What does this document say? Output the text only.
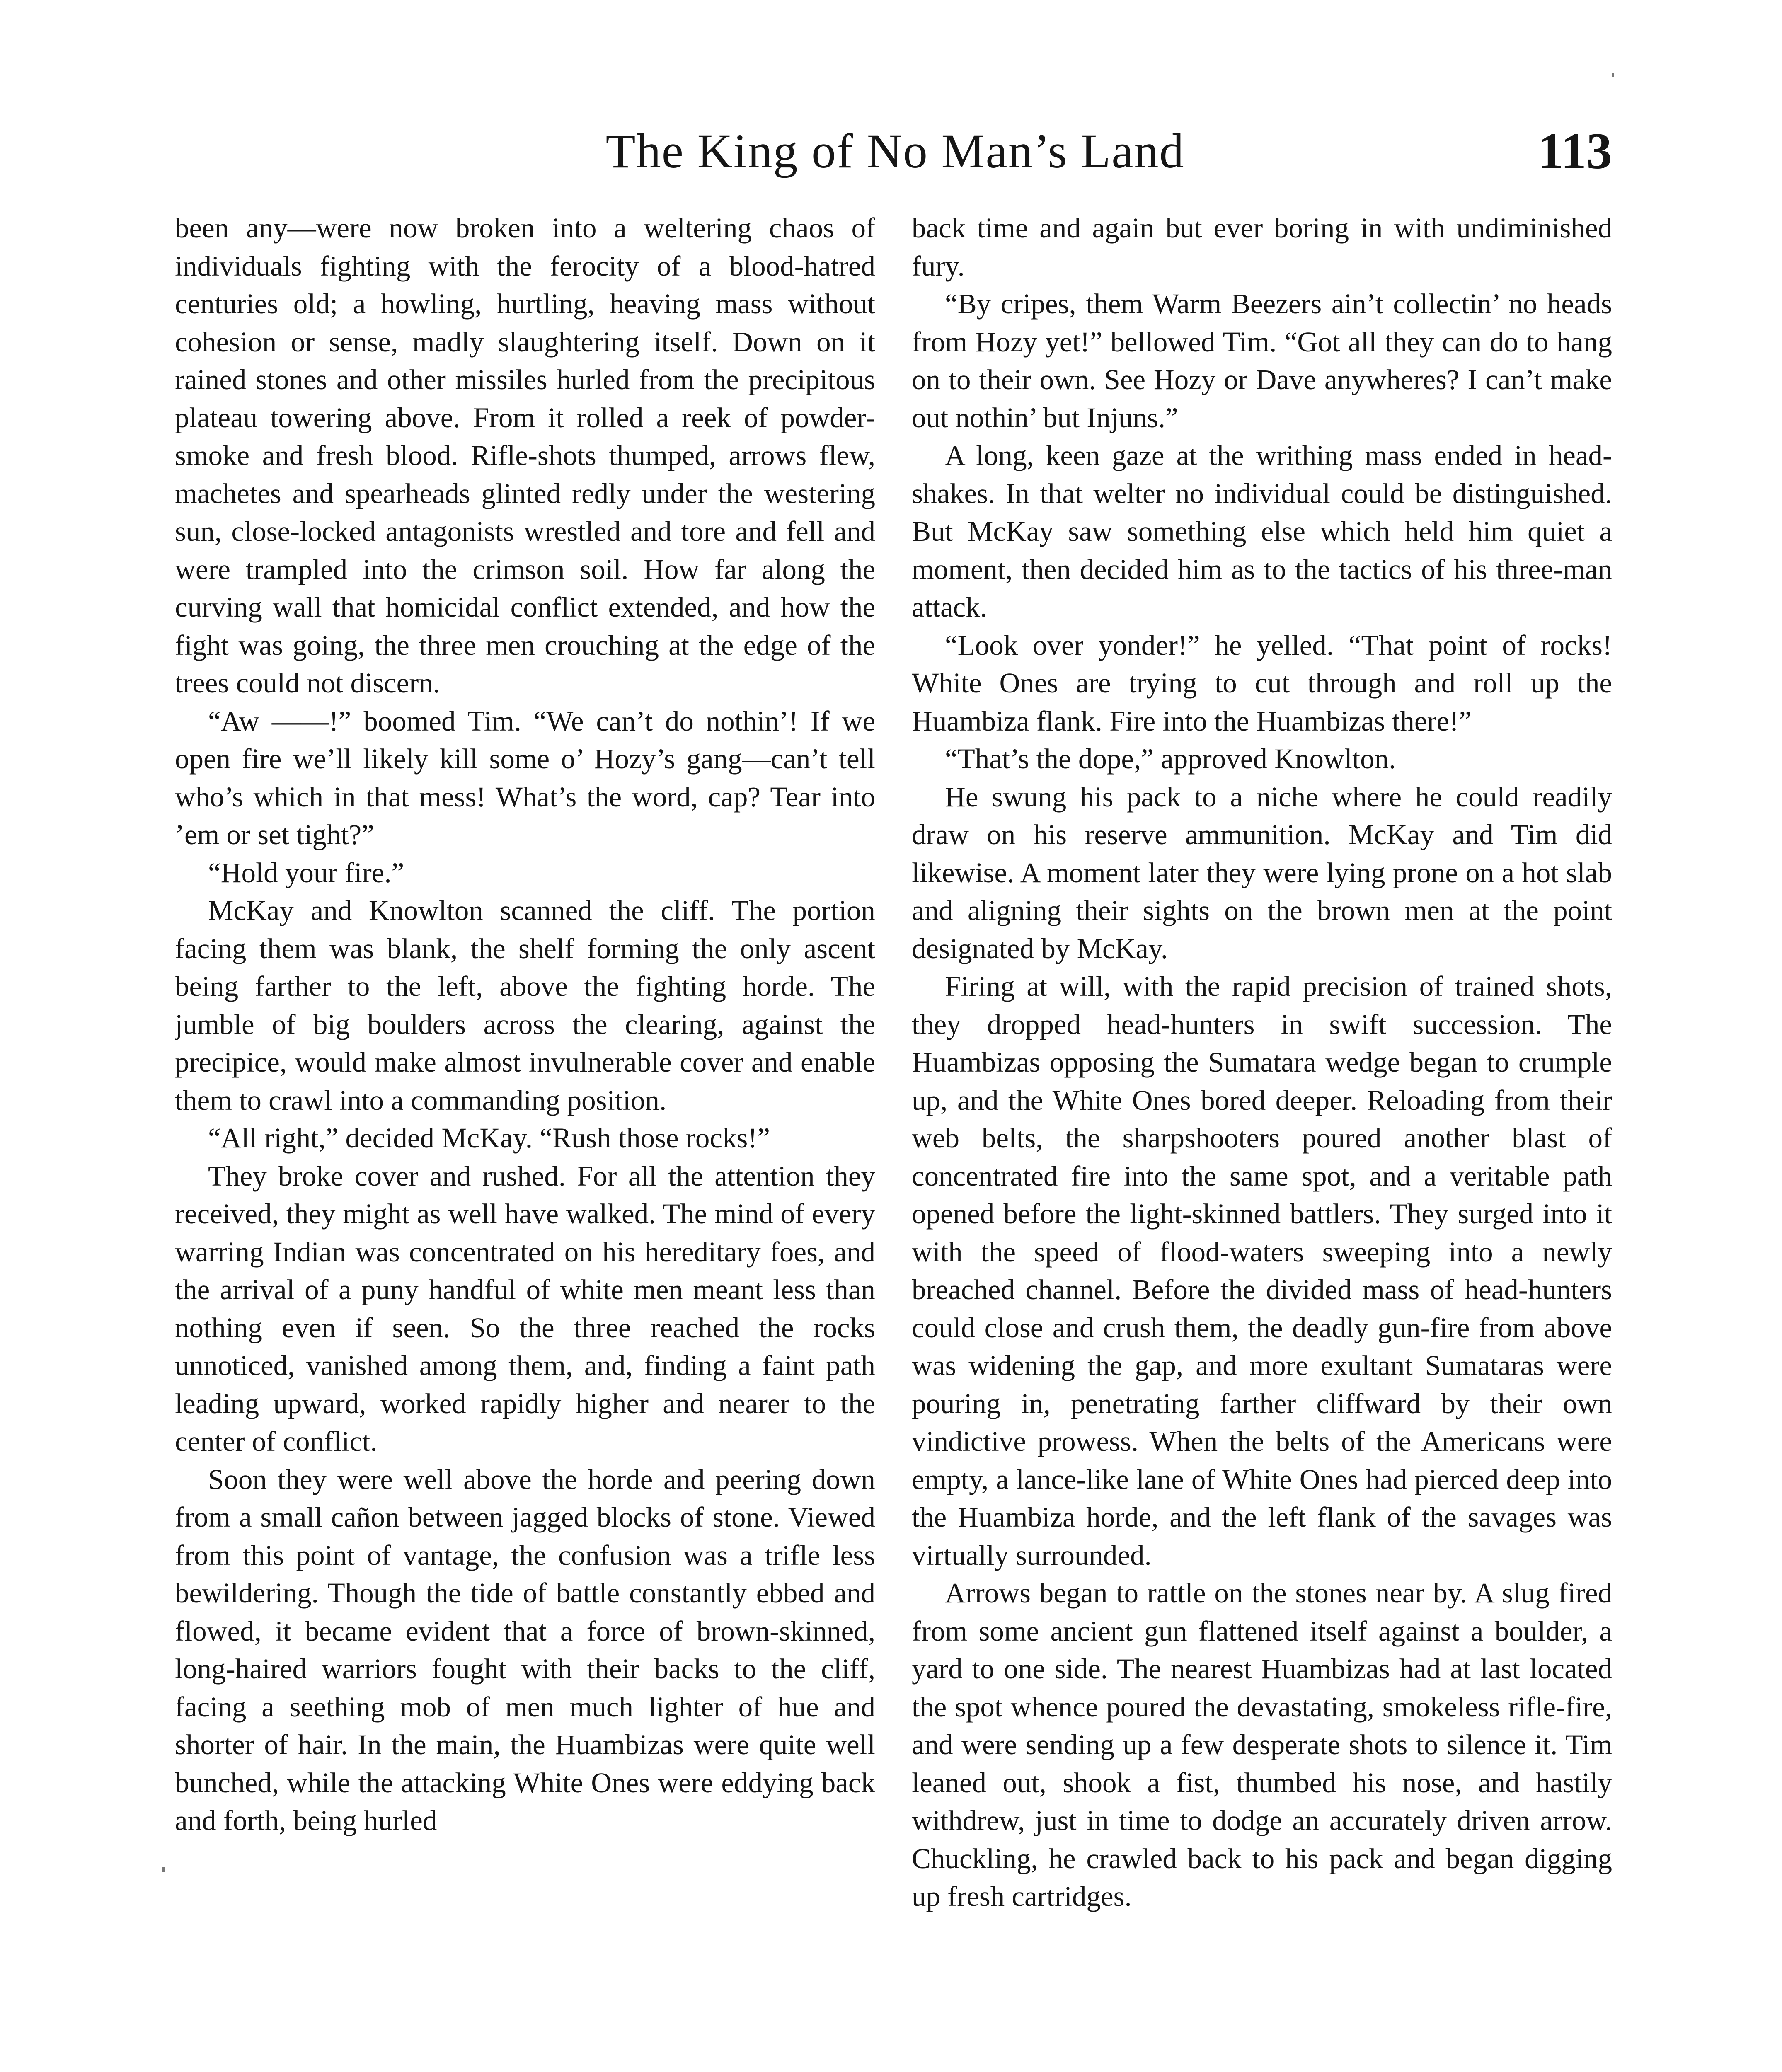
The King of No Man’s Land	113

been any—were now broken into a weltering chaos of individuals fighting with the ferocity of a blood-hatred centuries old; a howling, hurtling, heaving mass without cohesion or sense, madly slaughtering itself. Down on it rained stones and other missiles hurled from the precipitous plateau towering above. From it rolled a reek of powder-smoke and fresh blood. Rifle-shots thumped, arrows flew, machetes and spearheads glinted redly under the westering sun, close-locked antagonists wrestled and tore and fell and were trampled into the crimson soil. How far along the curving wall that homicidal conflict extended, and how the fight was going, the three men crouching at the edge of the trees could not discern.

“Aw ——!” boomed Tim. “We can’t do nothin’! If we open fire we’ll likely kill some o’ Hozy’s gang—can’t tell who’s which in that mess! What’s the word, cap? Tear into ’em or set tight?”

“Hold your fire.”

McKay and Knowlton scanned the cliff. The portion facing them was blank, the shelf forming the only ascent being farther to the left, above the fighting horde. The jumble of big boulders across the clearing, against the precipice, would make almost invulnerable cover and enable them to crawl into a commanding position.

“All right,” decided McKay. “Rush those rocks!”

They broke cover and rushed. For all the attention they received, they might as well have walked. The mind of every warring Indian was concentrated on his hereditary foes, and the arrival of a puny handful of white men meant less than nothing even if seen. So the three reached the rocks unnoticed, vanished among them, and, finding a faint path leading upward, worked rapidly higher and nearer to the center of conflict.

Soon they were well above the horde and peering down from a small cañon between jagged blocks of stone. Viewed from this point of vantage, the confusion was a trifle less bewildering. Though the tide of battle constantly ebbed and flowed, it became evident that a force of brown-skinned, long-haired warriors fought with their backs to the cliff, facing a seething mob of men much lighter of hue and shorter of hair. In the main, the Huambizas were quite well bunched, while the attacking White Ones were eddying back and forth, being hurled

back time and again but ever boring in with undiminished fury.

“By cripes, them Warm Beezers ain’t collectin’ no heads from Hozy yet!” bellowed Tim. “Got all they can do to hang on to their own. See Hozy or Dave anywheres? I can’t make out nothin’ but Injuns.”

A long, keen gaze at the writhing mass ended in head-shakes. In that welter no individual could be distinguished. But McKay saw something else which held him quiet a moment, then decided him as to the tactics of his three-man attack.

“Look over yonder!” he yelled. “That point of rocks! White Ones are trying to cut through and roll up the Huambiza flank. Fire into the Huambizas there!”

“That’s the dope,” approved Knowlton.

He swung his pack to a niche where he could readily draw on his reserve ammunition. McKay and Tim did likewise. A moment later they were lying prone on a hot slab and aligning their sights on the brown men at the point designated by McKay.

Firing at will, with the rapid precision of trained shots, they dropped head-hunters in swift succession. The Huambizas opposing the Sumatara wedge began to crumple up, and the White Ones bored deeper. Reloading from their web belts, the sharpshooters poured another blast of concentrated fire into the same spot, and a veritable path opened before the light-skinned battlers. They surged into it with the speed of flood-waters sweeping into a newly breached channel. Before the divided mass of head-hunters could close and crush them, the deadly gun-fire from above was widening the gap, and more exultant Sumataras were pouring in, penetrating farther cliffward by their own vindictive prowess. When the belts of the Americans were empty, a lance-like lane of White Ones had pierced deep into the Huambiza horde, and the left flank of the savages was virtually surrounded.

Arrows began to rattle on the stones near by. A slug fired from some ancient gun flattened itself against a boulder, a yard to one side. The nearest Huambizas had at last located the spot whence poured the devastating, smokeless rifle-fire, and were sending up a few desperate shots to silence it. Tim leaned out, shook a fist, thumbed his nose, and hastily withdrew, just in time to dodge an accurately driven arrow. Chuckling, he crawled back to his pack and began digging up fresh cartridges.
